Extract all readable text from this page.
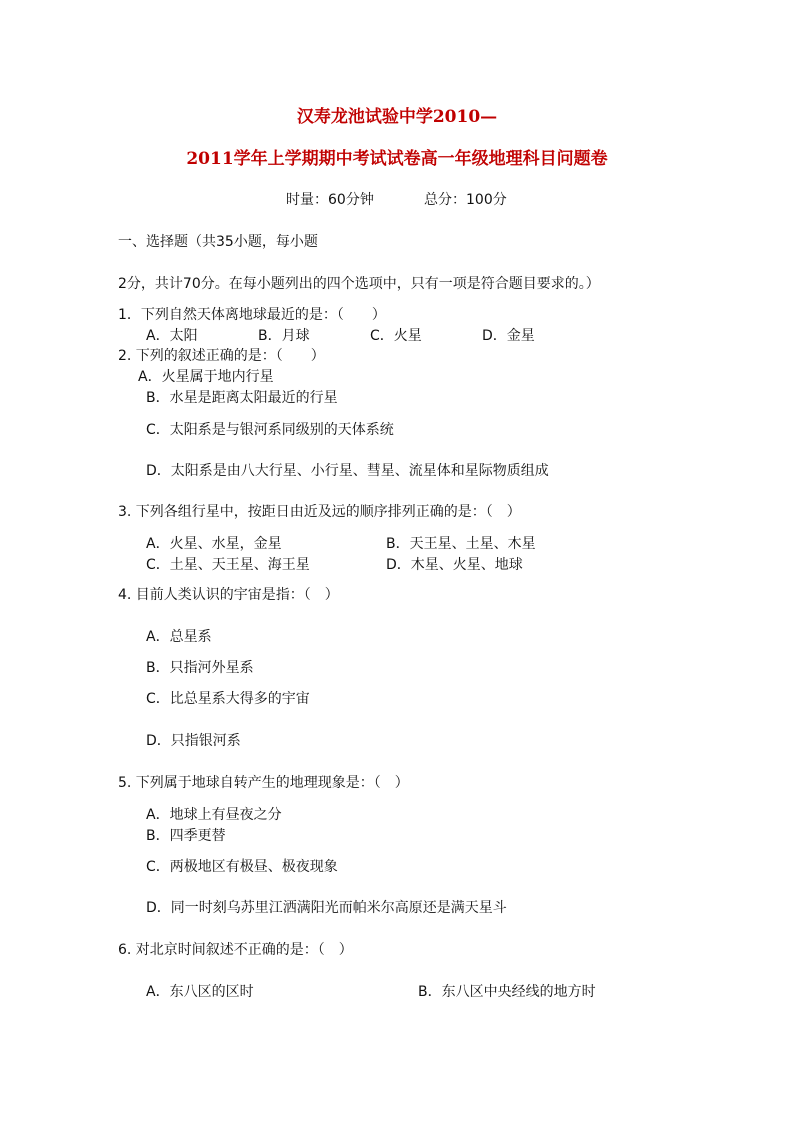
汉寿龙池试验中学2010—
2011学年上学期期中考试试卷高一年级地理科目问题卷
时量：60分钟	总分：100分
一、选择题（共35小题，每小题
2分，共计70分。在每小题列出的四个选项中，只有一项是符合题目要求的。）
1．下列自然天体离地球最近的是：（　　）
A．太阳	B．月球	C．火星	D．金星
2. 下列的叙述正确的是：（　　）
A．火星属于地内行星
B．水星是距离太阳最近的行星
C．太阳系是与银河系同级别的天体系统
D．太阳系是由八大行星、小行星、彗星、流星体和星际物质组成
3. 下列各组行星中，按距日由近及远的顺序排列正确的是：（　）
A．火星、水星，金星	B．天王星、土星、木星
C．土星、天王星、海王星	D．木星、火星、地球
4. 目前人类认识的宇宙是指：（　）
A．总星系
B．只指河外星系
C．比总星系大得多的宇宙
D．只指银河系
5. 下列属于地球自转产生的地理现象是：（　）
A．地球上有昼夜之分
B．四季更替
C．两极地区有极昼、极夜现象
D．同一时刻乌苏里江洒满阳光而帕米尔高原还是满天星斗
6. 对北京时间叙述不正确的是：（　）
A．东八区的区时	B．东八区中央经线的地方时
